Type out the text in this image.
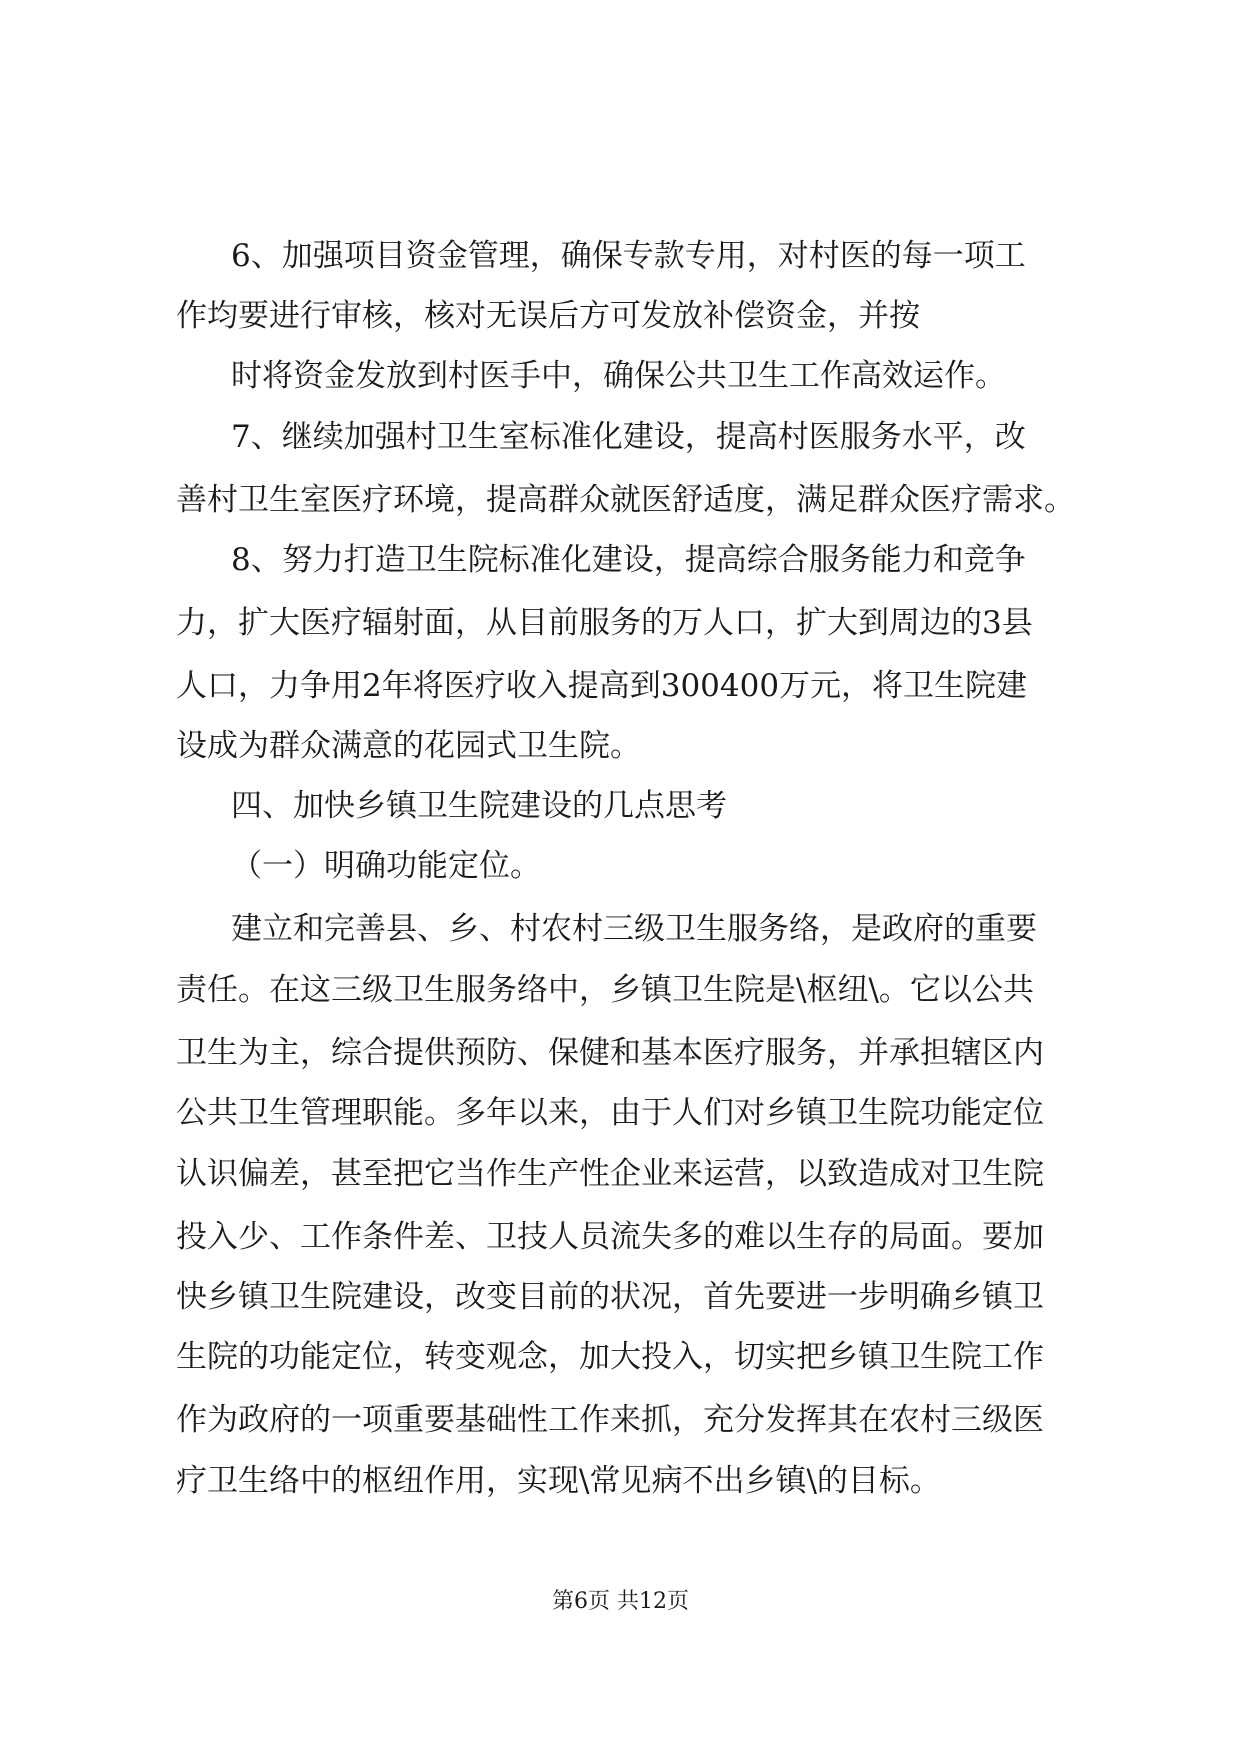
6、加强项目资金管理，确保专款专用，对村医的每一项工
作均要进行审核，核对无误后方可发放补偿资金，并按
时将资金发放到村医手中，确保公共卫生工作高效运作。
7、继续加强村卫生室标准化建设，提高村医服务水平，改
善村卫生室医疗环境，提高群众就医舒适度，满足群众医疗需求。
8、努力打造卫生院标准化建设，提高综合服务能力和竞争
力，扩大医疗辐射面，从目前服务的万人口，扩大到周边的3县
人口，力争用2年将医疗收入提高到300400万元，将卫生院建
设成为群众满意的花园式卫生院。
四、加快乡镇卫生院建设的几点思考
（一）明确功能定位。
建立和完善县、乡、村农村三级卫生服务络，是政府的重要
责任。在这三级卫生服务络中，乡镇卫生院是\枢纽\。它以公共
卫生为主，综合提供预防、保健和基本医疗服务，并承担辖区内
公共卫生管理职能。多年以来，由于人们对乡镇卫生院功能定位
认识偏差，甚至把它当作生产性企业来运营，以致造成对卫生院
投入少、工作条件差、卫技人员流失多的难以生存的局面。要加
快乡镇卫生院建设，改变目前的状况，首先要进一步明确乡镇卫
生院的功能定位，转变观念，加大投入，切实把乡镇卫生院工作
作为政府的一项重要基础性工作来抓，充分发挥其在农村三级医
疗卫生络中的枢纽作用，实现\常见病不出乡镇\的目标。
第6页 共12页
